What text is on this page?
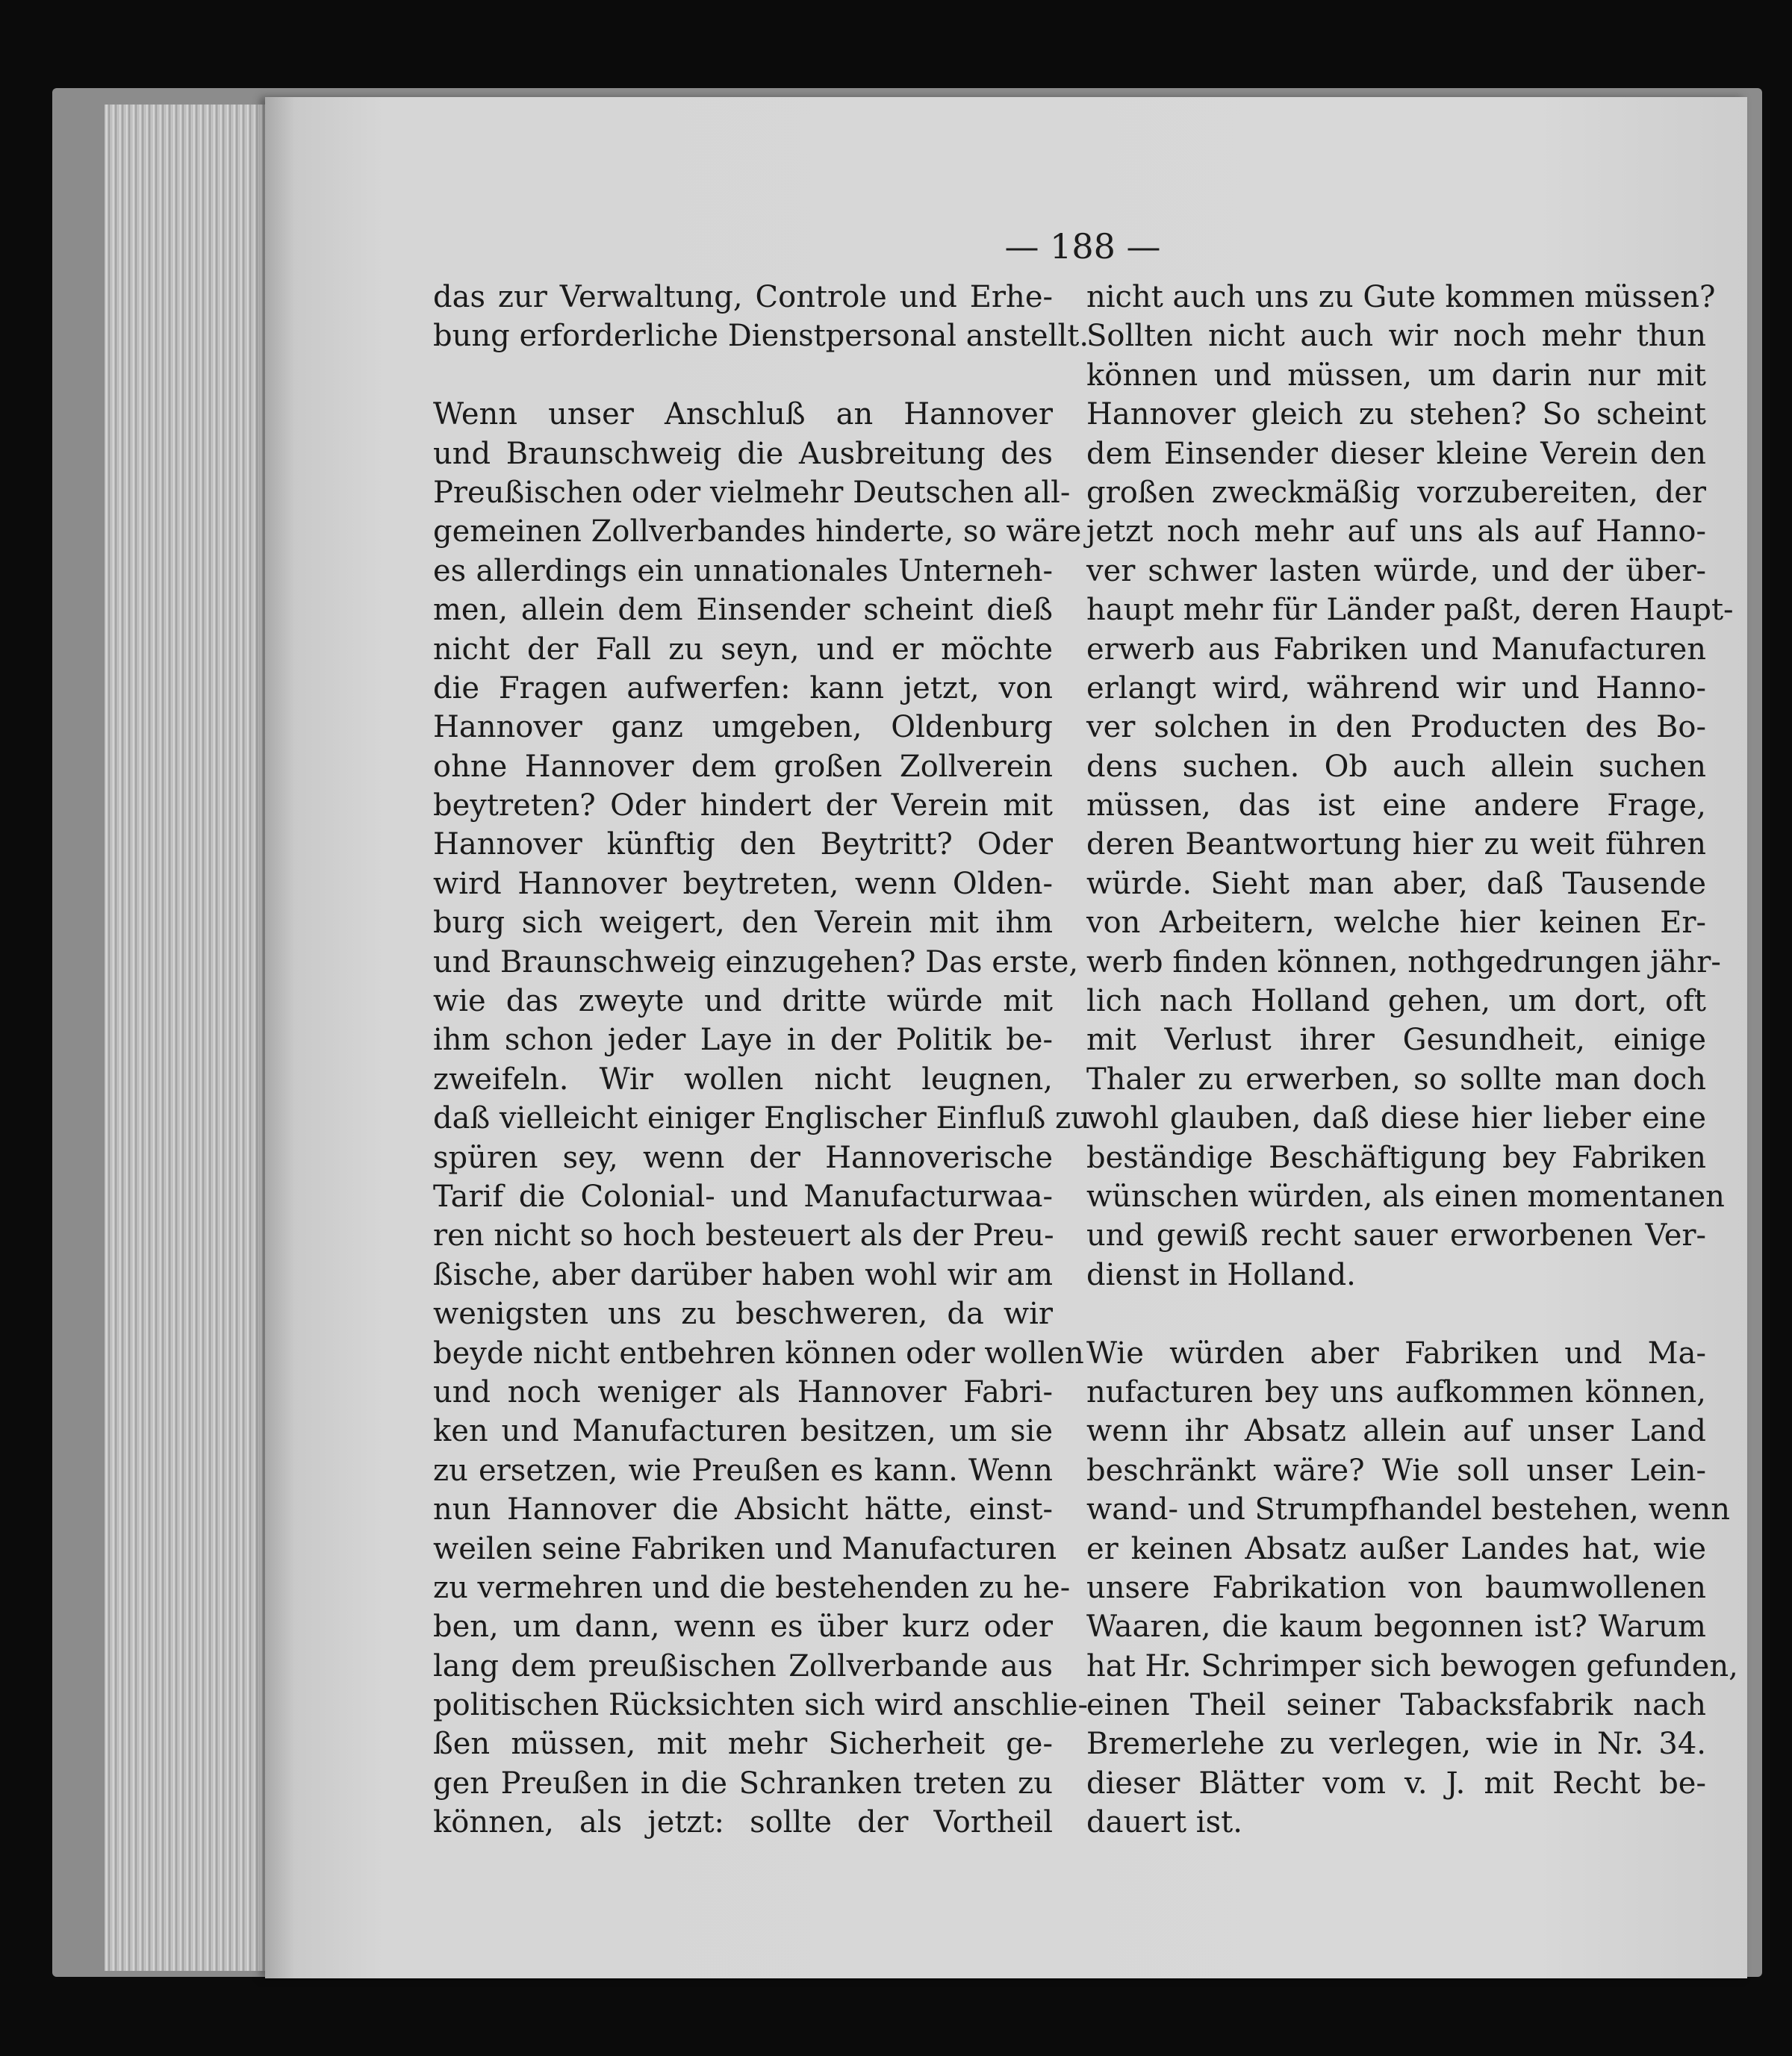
— 188 —
das zur Verwaltung, Controle und Erhe-
bung erforderliche Dienstpersonal anstellt.
Wenn unser Anschluß an Hannover
und Braunschweig die Ausbreitung des
Preußischen oder vielmehr Deutschen all-
gemeinen Zollverbandes hinderte, so wäre
es allerdings ein unnationales Unterneh-
men, allein dem Einsender scheint dieß
nicht der Fall zu seyn, und er möchte
die Fragen aufwerfen: kann jetzt, von
Hannover ganz umgeben, Oldenburg
ohne Hannover dem großen Zollverein
beytreten? Oder hindert der Verein mit
Hannover künftig den Beytritt? Oder
wird Hannover beytreten, wenn Olden-
burg sich weigert, den Verein mit ihm
und Braunschweig einzugehen? Das erste,
wie das zweyte und dritte würde mit
ihm schon jeder Laye in der Politik be-
zweifeln. Wir wollen nicht leugnen,
daß vielleicht einiger Englischer Einfluß zu
spüren sey, wenn der Hannoverische
Tarif die Colonial- und Manufacturwaa-
ren nicht so hoch besteuert als der Preu-
ßische, aber darüber haben wohl wir am
wenigsten uns zu beschweren, da wir
beyde nicht entbehren können oder wollen
und noch weniger als Hannover Fabri-
ken und Manufacturen besitzen, um sie
zu ersetzen, wie Preußen es kann. Wenn
nun Hannover die Absicht hätte, einst-
weilen seine Fabriken und Manufacturen
zu vermehren und die bestehenden zu he-
ben, um dann, wenn es über kurz oder
lang dem preußischen Zollverbande aus
politischen Rücksichten sich wird anschlie-
ßen müssen, mit mehr Sicherheit ge-
gen Preußen in die Schranken treten zu
können, als jetzt: sollte der Vortheil
nicht auch uns zu Gute kommen müssen?
Sollten nicht auch wir noch mehr thun
können und müssen, um darin nur mit
Hannover gleich zu stehen? So scheint
dem Einsender dieser kleine Verein den
großen zweckmäßig vorzubereiten, der
jetzt noch mehr auf uns als auf Hanno-
ver schwer lasten würde, und der über-
haupt mehr für Länder paßt, deren Haupt-
erwerb aus Fabriken und Manufacturen
erlangt wird, während wir und Hanno-
ver solchen in den Producten des Bo-
dens suchen. Ob auch allein suchen
müssen, das ist eine andere Frage,
deren Beantwortung hier zu weit führen
würde. Sieht man aber, daß Tausende
von Arbeitern, welche hier keinen Er-
werb finden können, nothgedrungen jähr-
lich nach Holland gehen, um dort, oft
mit Verlust ihrer Gesundheit, einige
Thaler zu erwerben, so sollte man doch
wohl glauben, daß diese hier lieber eine
beständige Beschäftigung bey Fabriken
wünschen würden, als einen momentanen
und gewiß recht sauer erworbenen Ver-
dienst in Holland.
Wie würden aber Fabriken und Ma-
nufacturen bey uns aufkommen können,
wenn ihr Absatz allein auf unser Land
beschränkt wäre? Wie soll unser Lein-
wand- und Strumpfhandel bestehen, wenn
er keinen Absatz außer Landes hat, wie
unsere Fabrikation von baumwollenen
Waaren, die kaum begonnen ist? Warum
hat Hr. Schrimper sich bewogen gefunden,
einen Theil seiner Tabacksfabrik nach
Bremerlehe zu verlegen, wie in Nr. 34.
dieser Blätter vom v. J. mit Recht be-
dauert ist.
